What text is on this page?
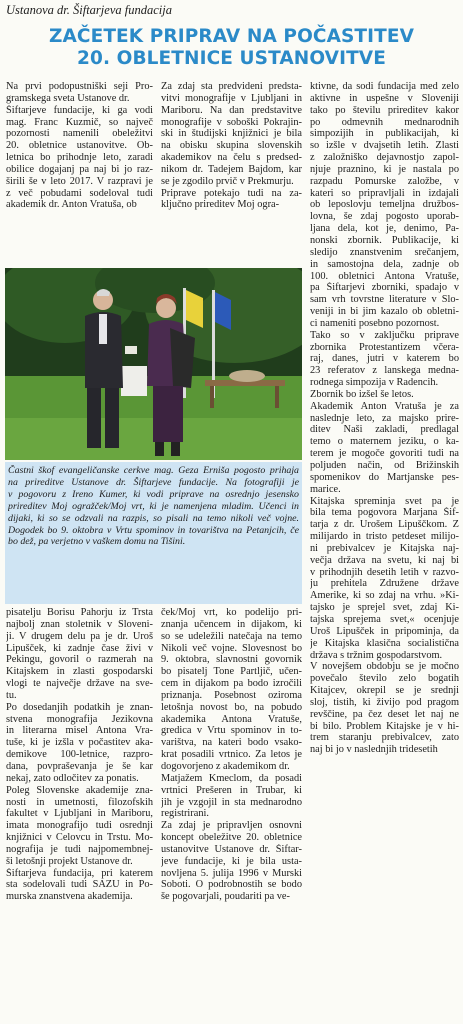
Ustanova dr. Šiftarjeva fundacija
ZAČETEK PRIPRAV NA POČASTITEV
20. OBLETNICE USTANOVITVE

Na prvi podopustniški seji Pro-

gramskega sveta Ustanove dr.

Šiftarjeve fundacije, ki ga vodi

mag. Franc Kuzmič, so največ

pozornosti namenili obeležitvi

20. obletnice ustanovitve. Ob-

letnica bo prihodnje leto, zaradi

obilice dogajanj pa naj bi jo raz-

širili še v leto 2017. V razpravi je

z več pobudami sodeloval tudi

akademik dr. Anton Vratuša, ob

Za zdaj sta predvideni predsta-

vitvi monografije v Ljubljani in

Mariboru. Na dan predstavitve

monografije v soboški Pokrajin-

ski in študijski knjižnici je bila

na obisku skupina slovenskih

akademikov na čelu s predsed-

nikom dr. Tadejem Bajdom, kar

se je zgodilo prvič v Prekmurju.

Priprave potekajo tudi na za-

ključno prireditev Moj ogra-

ktivne, da sodi fundacija med zelo

aktivne in uspešne v Sloveniji

tako po številu prireditev kakor

po odmevnih mednarodnih

simpozijih in publikacijah, ki

so izšle v dvajsetih letih. Zlasti

z založniško dejavnostjo zapol-

njuje praznino, ki je nastala po

razpadu Pomurske založbe, v

kateri so pripravljali in izdajali

ob leposlovju temeljna družbos-

lovna, še zdaj pogosto uporab-

ljana dela, kot je, denimo, Pa-

nonski zbornik. Publikacije, ki

sledijo znanstvenim srečanjem,

in samostojna dela, zadnje ob

100. obletnici Antona Vratuše,

pa Šiftarjevi zborniki, spadajo v

sam vrh tovrstne literature v Slo-

veniji in bi jim kazalo ob obletni-

ci nameniti posebno pozornost.

Tako so v zaključku priprave

zbornika Protestantizem včera-

raj, danes, jutri v katerem bo

23 referatov z lanskega medna-

rodnega simpozija v Radencih.

Zbornik bo izšel še letos.

Akademik Anton Vratuša je za

naslednje leto, za majsko prire-

ditev Naši zakladi, predlagal

temo o maternem jeziku, o ka-

terem je mogoče govoriti tudi na

poljuden način, od Brižinskih

spomenikov do Martjanske pes-

marice.

Kitajska spreminja svet pa je

bila tema pogovora Marjana Šif-

tarja z dr. Urošem Lipuščkom. Z

milijardo in tristo petdeset milijo-

ni prebivalcev je Kitajska naj-

večja država na svetu, ki naj bi

v prihodnjih desetih letih v razvo-

ju prehitela Združene države

Amerike, ki so zdaj na vrhu. »Ki-

tajsko je sprejel svet, zdaj Ki-

tajska sprejema svet,« ocenjuje

Uroš Lipušček in pripominja, da

je Kitajska klasična socialistična

država s tržnim gospodarstvom.

V novejšem obdobju se je močno

povečalo število zelo bogatih

Kitajcev, okrepil se je srednji

sloj, tistih, ki živijo pod pragom

revščine, pa čez deset let naj ne

bi bilo. Problem Kitajske je v hi-

trem staranju prebivalcev, zato

naj bi jo v naslednjih tridesetih

Častni škof evangeličanske cerkve mag. Geza Erniša pogosto prihaja

na prireditve Ustanove dr. Šiftarjeve fundacije. Na fotografiji je

v pogovoru z Ireno Kumer, ki vodi priprave na osrednjo jesensko

prireditev Moj ogražček/Moj vrt, ki je namenjena mladim. Učenci in

dijaki, ki so se odzvali na razpis, so pisali na temo nikoli več vojne.

Dogodek bo 9. oktobra v Vrtu spominov in tovarištva na Petanjcih, če

bo dež, pa verjetno v vaškem domu na Tišini.

pisatelju Borisu Pahorju iz Trsta

najbolj znan stoletnik v Sloveni-

ji. V drugem delu pa je dr. Uroš

Lipušček, ki zadnje čase živi v

Pekingu, govoril o razmerah na

Kitajskem in zlasti gospodarski

vlogi te največje države na sve-

tu.

Po dosedanjih podatkih je znan-

stvena monografija Jezikovna

in literarna misel Antona Vra-

tuše, ki je izšla v počastitev aka-

demikove 100-letnice, razpro-

dana, povpraševanja je še kar

nekaj, zato odločitev za ponatis.

Poleg Slovenske akademije zna-

nosti in umetnosti, filozofskih

fakultet v Ljubljani in Mariboru,

imata monografijo tudi osrednji

knjižnici v Celovcu in Trstu. Mo-

nografija je tudi najpomembnej-

ši letošnji projekt Ustanove dr.

Šiftarjeva fundacija, pri katerem

sta sodelovali tudi SAZU in Po-

murska znanstvena akademija.

ček/Moj vrt, ko podelijo pri-

znanja učencem in dijakom, ki

so se udeležili natečaja na temo

Nikoli več vojne. Slovesnost bo

9. oktobra, slavnostni govornik

bo pisatelj Tone Partljič, učen-

cem in dijakom pa bodo izročili

priznanja. Posebnost oziroma

letošnja novost bo, na pobudo

akademika Antona Vratuše,

gredica v Vrtu spominov in to-

varištva, na kateri bodo vsako-

krat posadili vrtnico. Za letos je

dogovorjeno z akademikom dr.

Matjažem Kmeclom, da posadi

vrtnici Prešeren in Trubar, ki

jih je vzgojil in sta mednarodno

registrirani.

Za zdaj je pripravljen osnovni

koncept obeležitve 20. obletnice

ustanovitve Ustanove dr. Šiftar-

jeve fundacije, ki je bila usta-

novljena 5. julija 1996 v Murski

Soboti. O podrobnostih se bodo

še pogovarjali, poudariti pa ve-
